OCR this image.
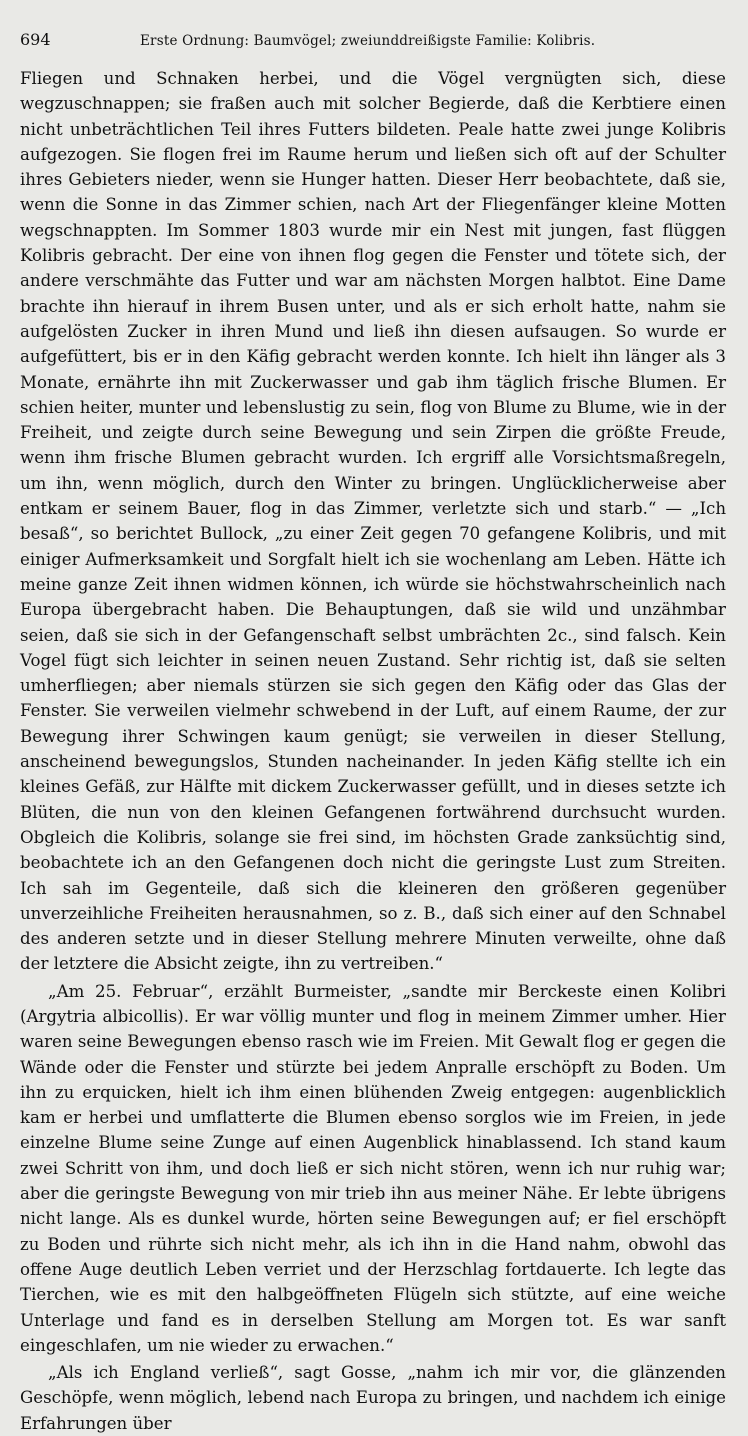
694	Erste Ordnung: Baumvögel; zweiunddreißigste Familie: Kolibris.

Fliegen und Schnaken herbei, und die Vögel vergnügten sich, diese wegzuschnappen; sie fraßen auch mit solcher Begierde, daß die Kerbtiere einen nicht unbeträchtlichen Teil ihres Futters bildeten. Peale hatte zwei junge Kolibris aufgezogen. Sie flogen frei im Raume herum und ließen sich oft auf der Schulter ihres Gebieters nieder, wenn sie Hunger hatten. Dieser Herr beobachtete, daß sie, wenn die Sonne in das Zimmer schien, nach Art der Fliegenfänger kleine Motten wegschnappten. Im Sommer 1803 wurde mir ein Nest mit jungen, fast flüggen Kolibris gebracht. Der eine von ihnen flog gegen die Fenster und tötete sich, der andere verschmähte das Futter und war am nächsten Morgen halbtot. Eine Dame brachte ihn hierauf in ihrem Busen unter, und als er sich erholt hatte, nahm sie aufgelösten Zucker in ihren Mund und ließ ihn diesen aufsaugen. So wurde er aufgefüttert, bis er in den Käfig gebracht werden konnte. Ich hielt ihn länger als 3 Monate, ernährte ihn mit Zuckerwasser und gab ihm täglich frische Blumen. Er schien heiter, munter und lebenslustig zu sein, flog von Blume zu Blume, wie in der Freiheit, und zeigte durch seine Bewegung und sein Zirpen die größte Freude, wenn ihm frische Blumen gebracht wurden. Ich ergriff alle Vorsichtsmaßregeln, um ihn, wenn möglich, durch den Winter zu bringen. Unglücklicherweise aber entkam er seinem Bauer, flog in das Zimmer, verletzte sich und starb.“ — „Ich besaß“, so berichtet Bullock, „zu einer Zeit gegen 70 gefangene Kolibris, und mit einiger Aufmerksamkeit und Sorgfalt hielt ich sie wochenlang am Leben. Hätte ich meine ganze Zeit ihnen widmen können, ich würde sie höchstwahrscheinlich nach Europa übergebracht haben. Die Behauptungen, daß sie wild und unzähmbar seien, daß sie sich in der Gefangenschaft selbst umbrächten 2c., sind falsch. Kein Vogel fügt sich leichter in seinen neuen Zustand. Sehr richtig ist, daß sie selten umherfliegen; aber niemals stürzen sie sich gegen den Käfig oder das Glas der Fenster. Sie verweilen vielmehr schwebend in der Luft, auf einem Raume, der zur Bewegung ihrer Schwingen kaum genügt; sie verweilen in dieser Stellung, anscheinend bewegungslos, Stunden nacheinander. In jeden Käfig stellte ich ein kleines Gefäß, zur Hälfte mit dickem Zuckerwasser gefüllt, und in dieses setzte ich Blüten, die nun von den kleinen Gefangenen fortwährend durchsucht wurden. Obgleich die Kolibris, solange sie frei sind, im höchsten Grade zanksüchtig sind, beobachtete ich an den Gefangenen doch nicht die geringste Lust zum Streiten. Ich sah im Gegenteile, daß sich die kleineren den größeren gegenüber unverzeihliche Freiheiten herausnahmen, so z. B., daß sich einer auf den Schnabel des anderen setzte und in dieser Stellung mehrere Minuten verweilte, ohne daß der letztere die Absicht zeigte, ihn zu vertreiben.“

„Am 25. Februar“, erzählt Burmeister, „sandte mir Berckeste einen Kolibri (Argytria albicollis). Er war völlig munter und flog in meinem Zimmer umher. Hier waren seine Bewegungen ebenso rasch wie im Freien. Mit Gewalt flog er gegen die Wände oder die Fenster und stürzte bei jedem Anpralle erschöpft zu Boden. Um ihn zu erquicken, hielt ich ihm einen blühenden Zweig entgegen: augenblicklich kam er herbei und umflatterte die Blumen ebenso sorglos wie im Freien, in jede einzelne Blume seine Zunge auf einen Augenblick hinablassend. Ich stand kaum zwei Schritt von ihm, und doch ließ er sich nicht stören, wenn ich nur ruhig war; aber die geringste Bewegung von mir trieb ihn aus meiner Nähe. Er lebte übrigens nicht lange. Als es dunkel wurde, hörten seine Bewegungen auf; er fiel erschöpft zu Boden und rührte sich nicht mehr, als ich ihn in die Hand nahm, obwohl das offene Auge deutlich Leben verriet und der Herzschlag fortdauerte. Ich legte das Tierchen, wie es mit den halbgeöffneten Flügeln sich stützte, auf eine weiche Unterlage und fand es in derselben Stellung am Morgen tot. Es war sanft eingeschlafen, um nie wieder zu erwachen.“

„Als ich England verließ“, sagt Gosse, „nahm ich mir vor, die glänzenden Geschöpfe, wenn möglich, lebend nach Europa zu bringen, und nachdem ich einige Erfahrungen über
